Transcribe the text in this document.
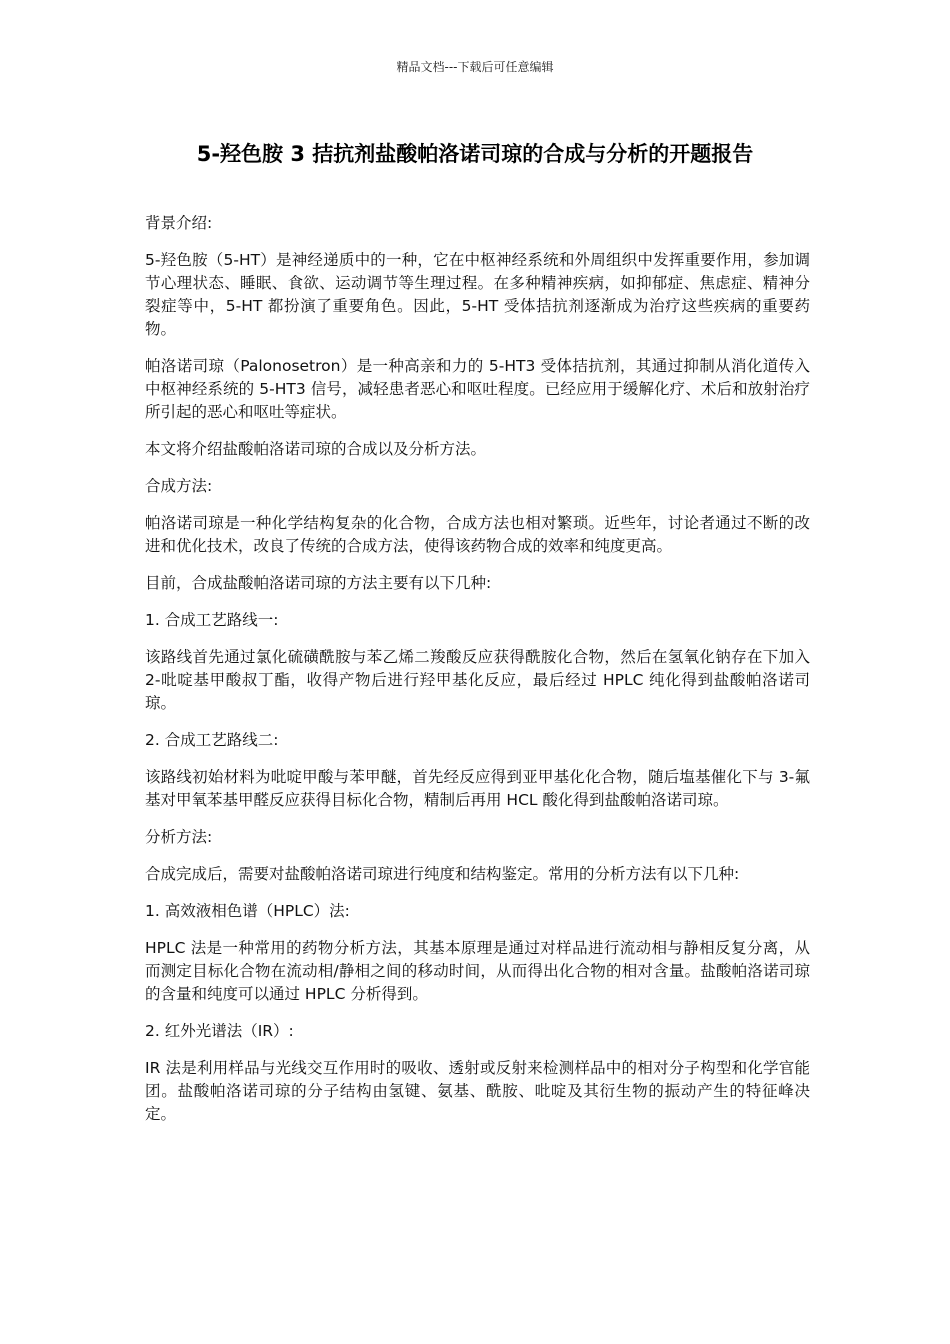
精品文档---下载后可任意编辑
5-羟色胺 3 拮抗剂盐酸帕洛诺司琼的合成与分析的开题报告

背景介绍:

5-羟色胺（5-HT）是神经递质中的一种，它在中枢神经系统和外周组织中发挥重要作用，参加调节心理状态、睡眠、食欲、运动调节等生理过程。在多种精神疾病，如抑郁症、焦虑症、精神分裂症等中，5-HT 都扮演了重要角色。因此，5-HT 受体拮抗剂逐渐成为治疗这些疾病的重要药物。

帕洛诺司琼（Palonosetron）是一种高亲和力的 5-HT3 受体拮抗剂，其通过抑制从消化道传入中枢神经系统的 5-HT3 信号，减轻患者恶心和呕吐程度。已经应用于缓解化疗、术后和放射治疗所引起的恶心和呕吐等症状。

本文将介绍盐酸帕洛诺司琼的合成以及分析方法。

合成方法:

帕洛诺司琼是一种化学结构复杂的化合物，合成方法也相对繁琐。近些年，讨论者通过不断的改进和优化技术，改良了传统的合成方法，使得该药物合成的效率和纯度更高。

目前，合成盐酸帕洛诺司琼的方法主要有以下几种:

1. 合成工艺路线一:

该路线首先通过氯化硫磺酰胺与苯乙烯二羧酸反应获得酰胺化合物，然后在氢氧化钠存在下加入 2-吡啶基甲酸叔丁酯，收得产物后进行羟甲基化反应，最后经过 HPLC 纯化得到盐酸帕洛诺司琼。

2. 合成工艺路线二:

该路线初始材料为吡啶甲酸与苯甲醚，首先经反应得到亚甲基化化合物，随后塩基催化下与 3-氟基对甲氧苯基甲醛反应获得目标化合物，精制后再用 HCL 酸化得到盐酸帕洛诺司琼。

分析方法:

合成完成后，需要对盐酸帕洛诺司琼进行纯度和结构鉴定。常用的分析方法有以下几种:

1. 高效液相色谱（HPLC）法:

HPLC 法是一种常用的药物分析方法，其基本原理是通过对样品进行流动相与静相反复分离，从而测定目标化合物在流动相/静相之间的移动时间，从而得出化合物的相对含量。盐酸帕洛诺司琼的含量和纯度可以通过 HPLC 分析得到。

2. 红外光谱法（IR）:

IR 法是利用样品与光线交互作用时的吸收、透射或反射来检测样品中的相对分子构型和化学官能团。盐酸帕洛诺司琼的分子结构由氢键、氨基、酰胺、吡啶及其衍生物的振动产生的特征峰决定。
